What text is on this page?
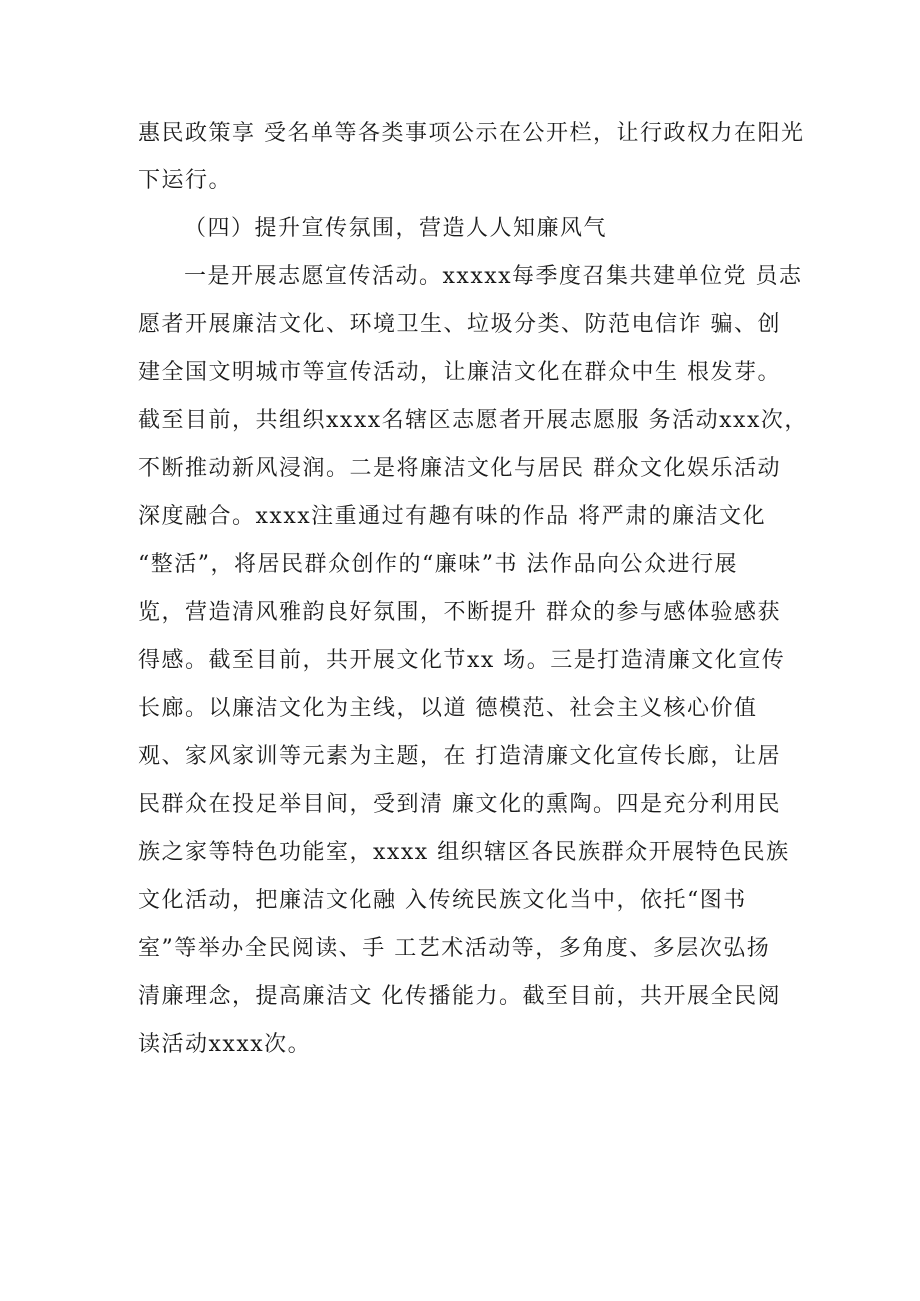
惠民政策享 受名单等各类事项公示在公开栏，让行政权力在阳光
下运行。
（四）提升宣传氛围，营造人人知廉风气
一是开展志愿宣传活动。xxxxx每季度召集共建单位党 员志
愿者开展廉洁文化、环境卫生、垃圾分类、防范电信诈 骗、创
建全国文明城市等宣传活动，让廉洁文化在群众中生 根发芽。
截至目前，共组织xxxx名辖区志愿者开展志愿服 务活动xxx次，
不断推动新风浸润。二是将廉洁文化与居民 群众文化娱乐活动
深度融合。xxxx注重通过有趣有味的作品 将严肃的廉洁文化
“整活”，将居民群众创作的“廉味”书 法作品向公众进行展
览，营造清风雅韵良好氛围，不断提升 群众的参与感体验感获
得感。截至目前，共开展文化节xx 场。三是打造清廉文化宣传
长廊。以廉洁文化为主线，以道 德模范、社会主义核心价值
观、家风家训等元素为主题，在 打造清廉文化宣传长廊，让居
民群众在投足举目间，受到清 廉文化的熏陶。四是充分利用民
族之家等特色功能室，xxxx 组织辖区各民族群众开展特色民族
文化活动，把廉洁文化融 入传统民族文化当中，依托“图书
室”等举办全民阅读、手 工艺术活动等，多角度、多层次弘扬
清廉理念，提高廉洁文 化传播能力。截至目前，共开展全民阅
读活动xxxx次。
